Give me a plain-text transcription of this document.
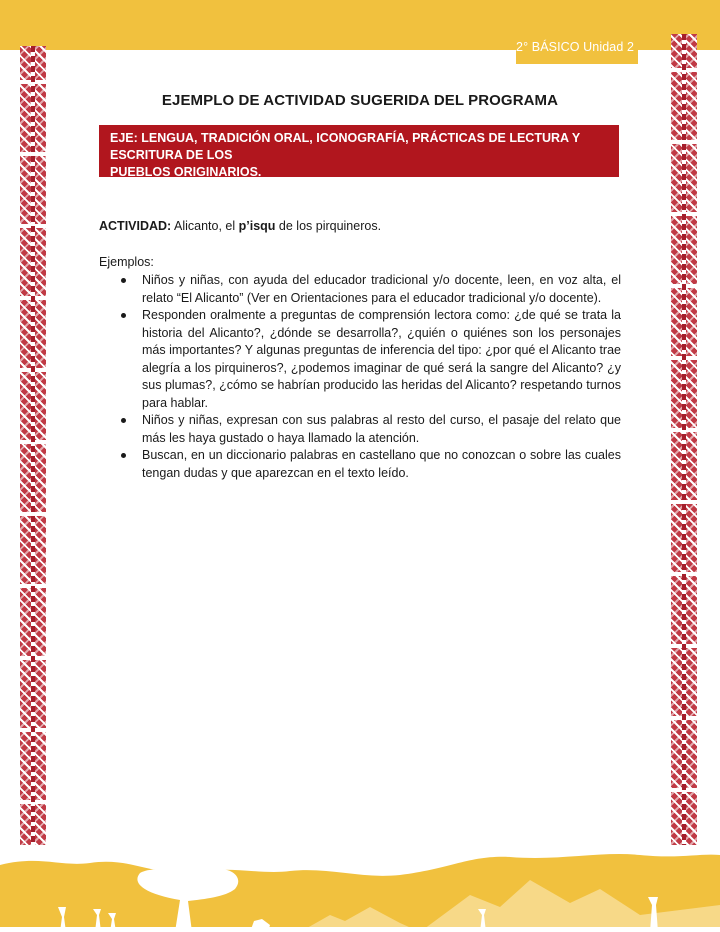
2° BÁSICO Unidad 2
EJEMPLO DE ACTIVIDAD SUGERIDA DEL PROGRAMA
EJE: LENGUA, TRADICIÓN ORAL, ICONOGRAFÍA, PRÁCTICAS DE LECTURA Y ESCRITURA DE LOS
PUEBLOS ORIGINARIOS.

ACTIVIDAD: Alicanto, el p’isqu de los pirquineros.

Ejemplos:

Niños y niñas, con ayuda del educador tradicional y/o docente, leen, en voz alta, el relato “El Alicanto” (Ver en Orientaciones para el educador tradicional y/o docente).
Responden oralmente a preguntas de comprensión lectora como: ¿de qué se trata la historia del Alicanto?, ¿dónde se desarrolla?, ¿quién o quiénes son los personajes más importantes? Y algunas preguntas de inferencia del tipo: ¿por qué el Alicanto trae alegría a los pirquineros?, ¿podemos imaginar de qué será la sangre del Alicanto? ¿y sus plumas?, ¿cómo se habrían producido las heridas del Alicanto? respetando turnos para hablar.
Niños y niñas, expresan con sus palabras al resto del curso, el pasaje del relato que más les haya gustado o haya llamado la atención.
Buscan, en un diccionario palabras en castellano que no conozcan o sobre las cuales tengan dudas y que aparezcan en el texto leído.
